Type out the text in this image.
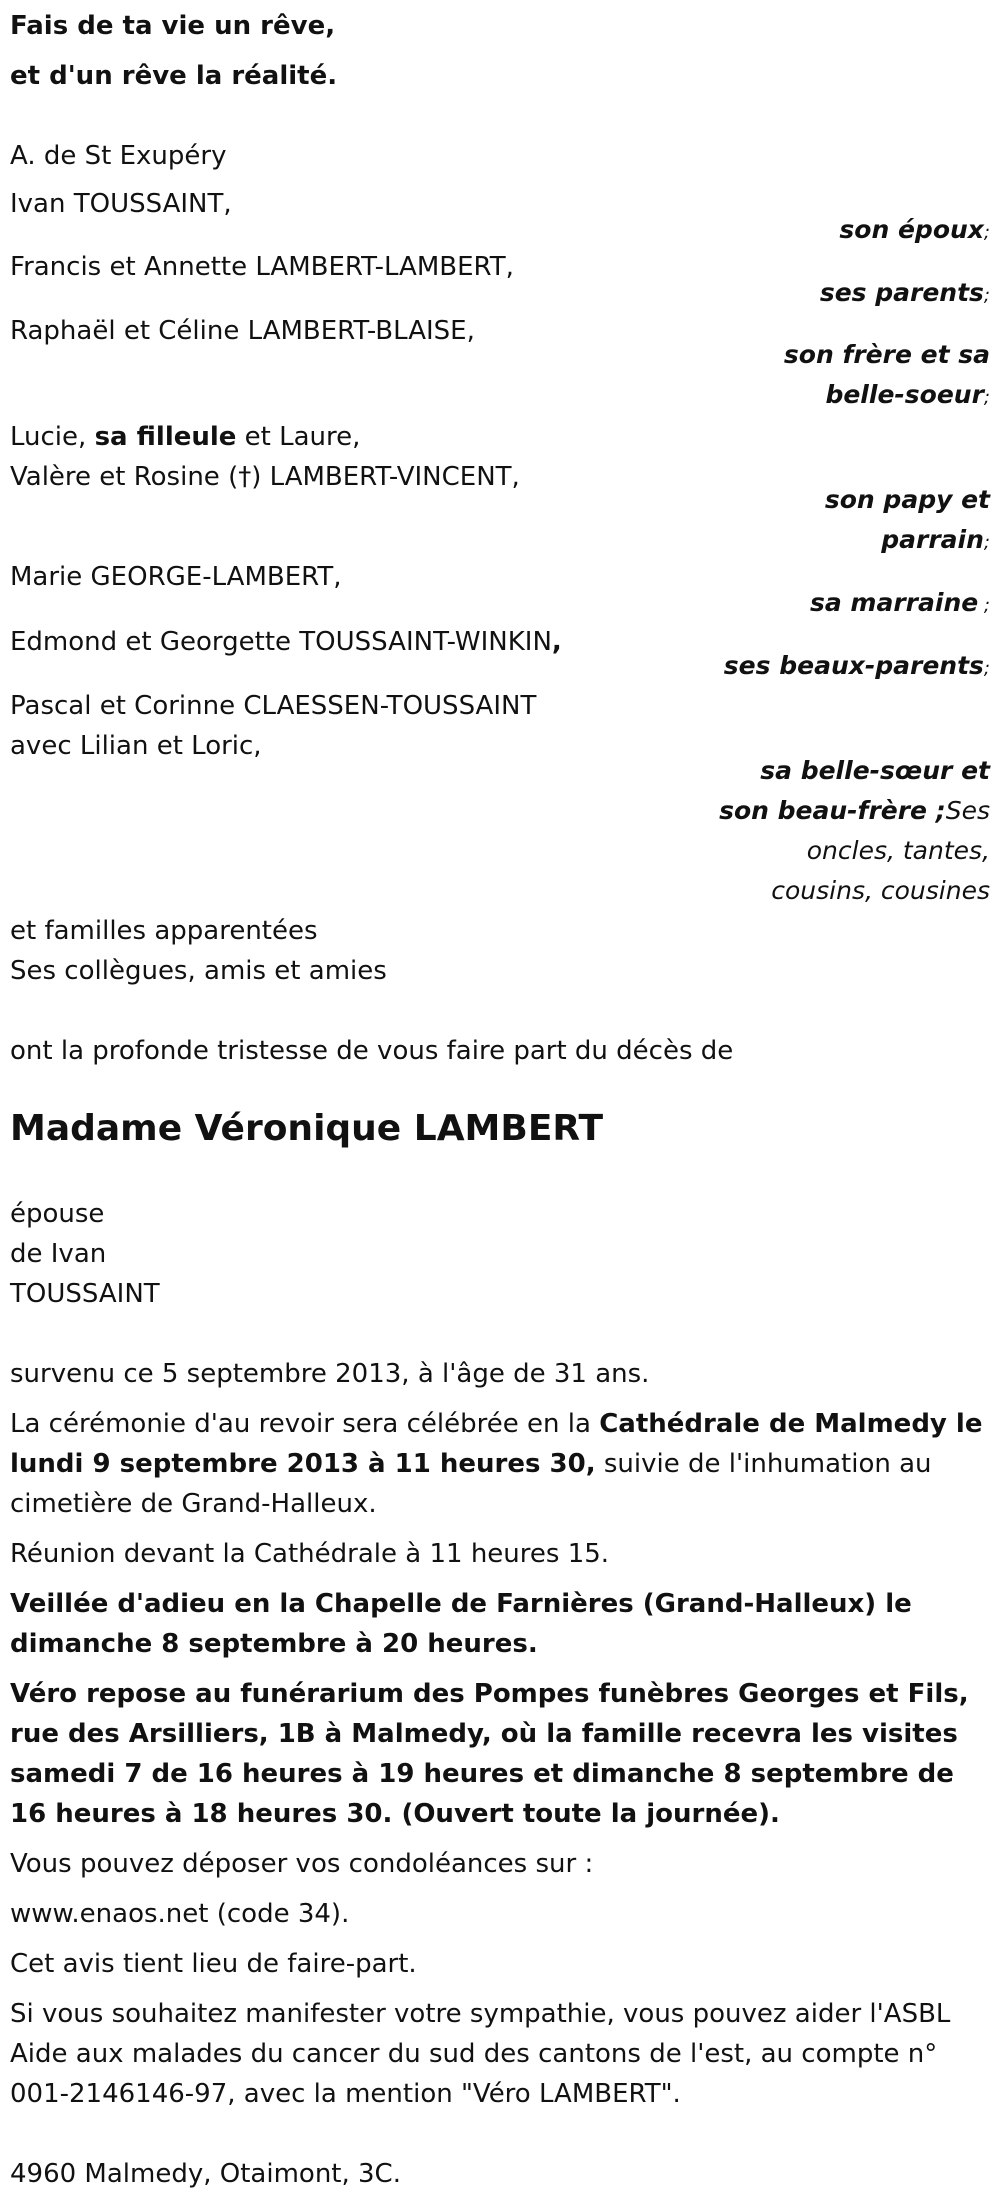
Fais de ta vie un rêve,
et d'un rêve la réalité.
A. de St Exupéry
Ivan TOUSSAINT,
Francis et Annette LAMBERT-LAMBERT,
Raphaël et Céline LAMBERT-BLAISE,
Lucie, sa filleule et Laure,
Valère et Rosine (†) LAMBERT-VINCENT,
Marie GEORGE-LAMBERT,
Edmond et Georgette TOUSSAINT-WINKIN,
Pascal et Corinne CLAESSEN-TOUSSAINT
avec Lilian et Loric,
son époux;
ses parents;
son frère et sa
belle-soeur;
son papy et
parrain;
sa marraine ;
ses beaux-parents;
sa belle-sœur et
son beau-frère ;Ses
oncles, tantes,
cousins, cousines
et familles apparentées
Ses collègues, amis et amies
ont la profonde tristesse de vous faire part du décès de
Madame Véronique LAMBERT
épouse
de Ivan
TOUSSAINT
survenu ce 5 septembre 2013, à l'âge de 31 ans.
La cérémonie d'au revoir sera célébrée en la Cathédrale de Malmedy le lundi 9 septembre 2013 à 11 heures 30, suivie de l'inhumation au cimetière de Grand-Halleux.
Réunion devant la Cathédrale à 11 heures 15.
Veillée d'adieu en la Chapelle de Farnières (Grand-Halleux) le dimanche 8 septembre à 20 heures.
Véro repose au funérarium des Pompes funèbres Georges et Fils, rue des Arsilliers, 1B à Malmedy, où la famille recevra les visites samedi 7 de 16 heures à 19 heures et dimanche 8 septembre de 16 heures à 18 heures 30. (Ouvert toute la journée).
Vous pouvez déposer vos condoléances sur :
www.enaos.net (code 34).
Cet avis tient lieu de faire-part.
Si vous souhaitez manifester votre sympathie, vous pouvez aider l'ASBL Aide aux malades du cancer du sud des cantons de l'est, au compte n° 001-2146146-97, avec la mention "Véro LAMBERT".
4960 Malmedy, Otaimont, 3C.
